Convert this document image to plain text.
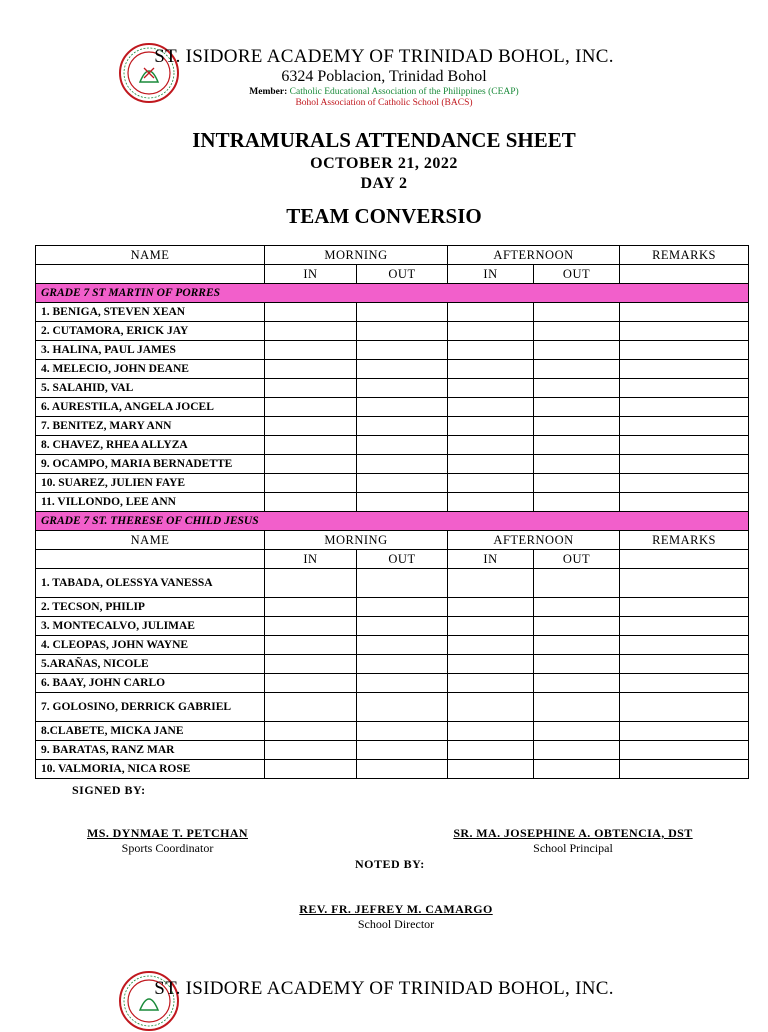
ST. ISIDORE ACADEMY OF TRINIDAD BOHOL, INC.
6324 Poblacion, Trinidad Bohol
Member: Catholic Educational Association of the Philippines (CEAP)
Bohol Association of Catholic School (BACS)
INTRAMURALS ATTENDANCE SHEET
OCTOBER 21, 2022
DAY 2
TEAM CONVERSIO
NAME	MORNING		AFTERNOON		REMARKS
	IN	OUT	IN	OUT	
GRADE 7 ST MARTIN OF PORRES					
1. BENIGA, STEVEN XEAN					
2. CUTAMORA, ERICK JAY					
3. HALINA, PAUL JAMES					
4. MELECIO, JOHN DEANE					
5. SALAHID, VAL					
6. AURESTILA, ANGELA JOCEL					
7. BENITEZ, MARY ANN					
8. CHAVEZ, RHEA ALLYZA					
9. OCAMPO, MARIA BERNADETTE					
10. SUAREZ, JULIEN FAYE					
11. VILLONDO, LEE ANN					
GRADE 7 ST. THERESE OF CHILD JESUS					
NAME	MORNING		AFTERNOON		REMARKS
	IN	OUT	IN	OUT	
1. TABADA, OLESSYA VANESSA					
2. TECSON, PHILIP					
3. MONTECALVO, JULIMAE					
4. CLEOPAS, JOHN WAYNE					
5.ARAÑAS, NICOLE					
6. BAAY, JOHN CARLO					
7. GOLOSINO, DERRICK GABRIEL					
8.CLABETE, MICKA JANE					
9. BARATAS, RANZ MAR					
10. VALMORIA, NICA ROSE					
SIGNED BY:
MS. DYNMAE T. PETCHAN
Sports Coordinator
SR. MA. JOSEPHINE A. OBTENCIA, DST
School Principal
NOTED BY:
REV. FR. JEFREY M. CAMARGO
School Director
ST. ISIDORE ACADEMY OF TRINIDAD BOHOL, INC.
